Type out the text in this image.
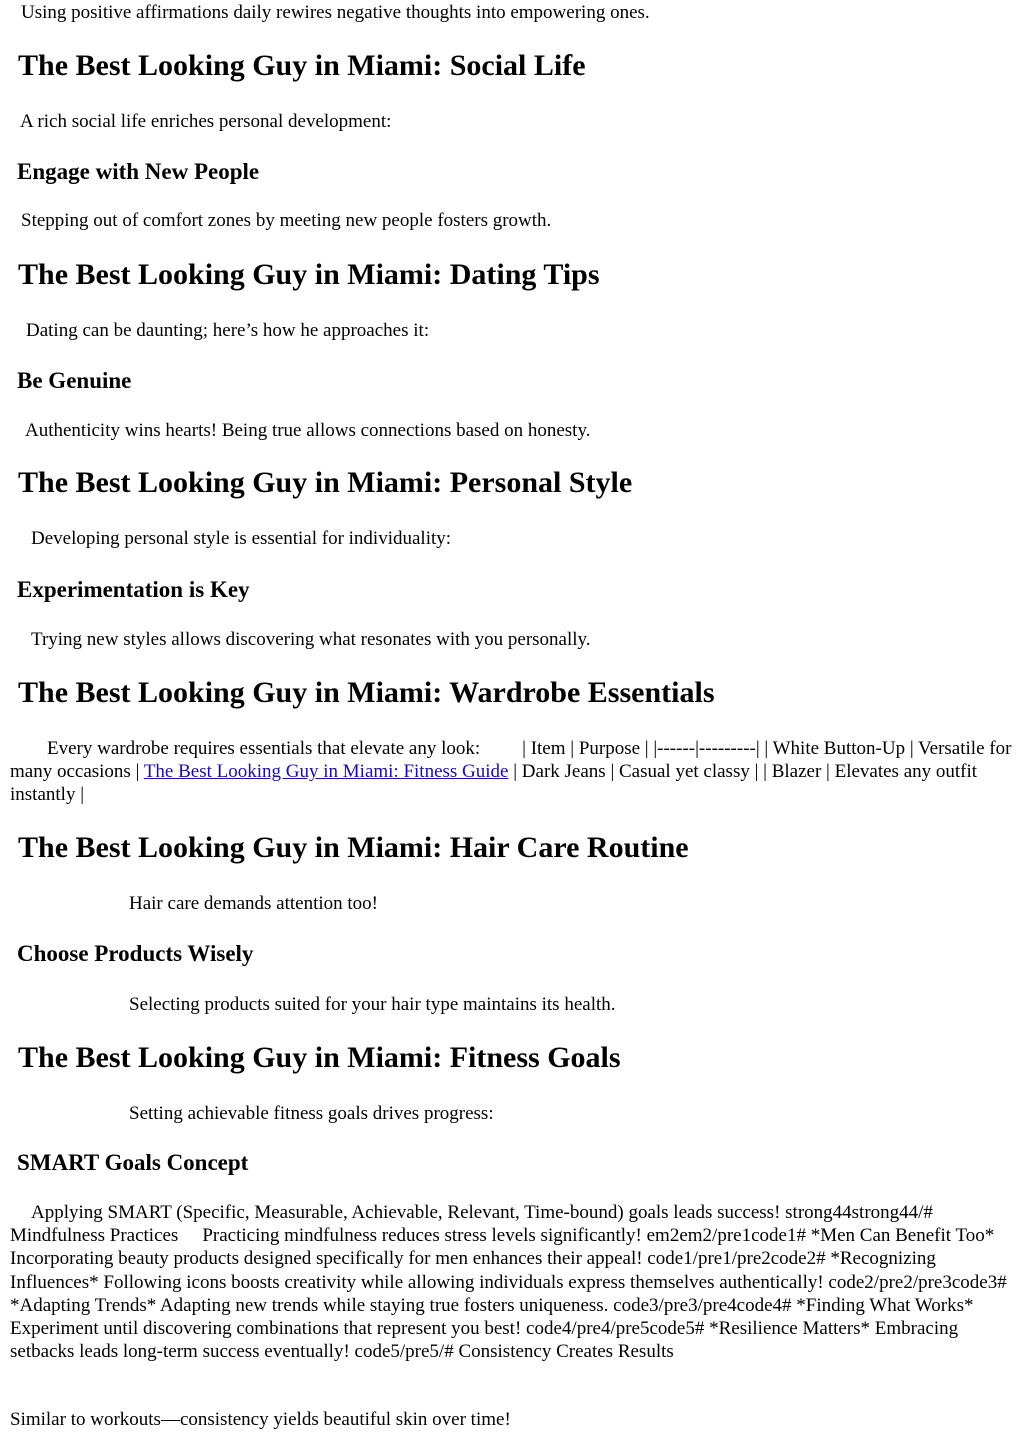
Using positive affirmations daily rewires negative thoughts into empowering ones.

The Best Looking Guy in Miami: Social Life

A rich social life enriches personal development:

Engage with New People

Stepping out of comfort zones by meeting new people fosters growth.

The Best Looking Guy in Miami: Dating Tips

Dating can be daunting; here’s how he approaches it:

Be Genuine

Authenticity wins hearts! Being true allows connections based on honesty.

The Best Looking Guy in Miami: Personal Style

Developing personal style is essential for individuality:

Experimentation is Key

Trying new styles allows discovering what resonates with you personally.

The Best Looking Guy in Miami: Wardrobe Essentials
Every wardrobe requires essentials that elevate any look: | Item | Purpose | |------|---------| | White Button-Up | Versatile for many occasions | The Best Looking Guy in Miami: Fitness Guide | Dark Jeans | Casual yet classy | | Blazer | Elevates any outfit instantly |
The Best Looking Guy in Miami: Hair Care Routine

Hair care demands attention too!

Choose Products Wisely

Selecting products suited for your hair type maintains its health.

The Best Looking Guy in Miami: Fitness Goals

Setting achievable fitness goals drives progress:

SMART Goals Concept
Applying SMART (Specific, Measurable, Achievable, Relevant, Time-bound) goals leads success! strong44strong44/#Mindfulness Practices Practicing mindfulness reduces stress levels significantly! em2em2/pre1code1# *Men Can Benefit Too* Incorporating beauty products designed specifically for men enhances their appeal! code1/pre1/pre2code2# *Recognizing Influences* Following icons boosts creativity while allowing individuals express themselves authentically! code2/pre2/pre3code3# *Adapting Trends* Adapting new trends while staying true fosters uniqueness. code3/pre3/pre4code4# *Finding What Works* Experiment until discovering combinations that represent you best! code4/pre4/pre5code5# *Resilience Matters* Embracing setbacks leads long-term success eventually! code5/pre5/# Consistency Creates Results

Similar to workouts—consistency yields beautiful skin over time!
